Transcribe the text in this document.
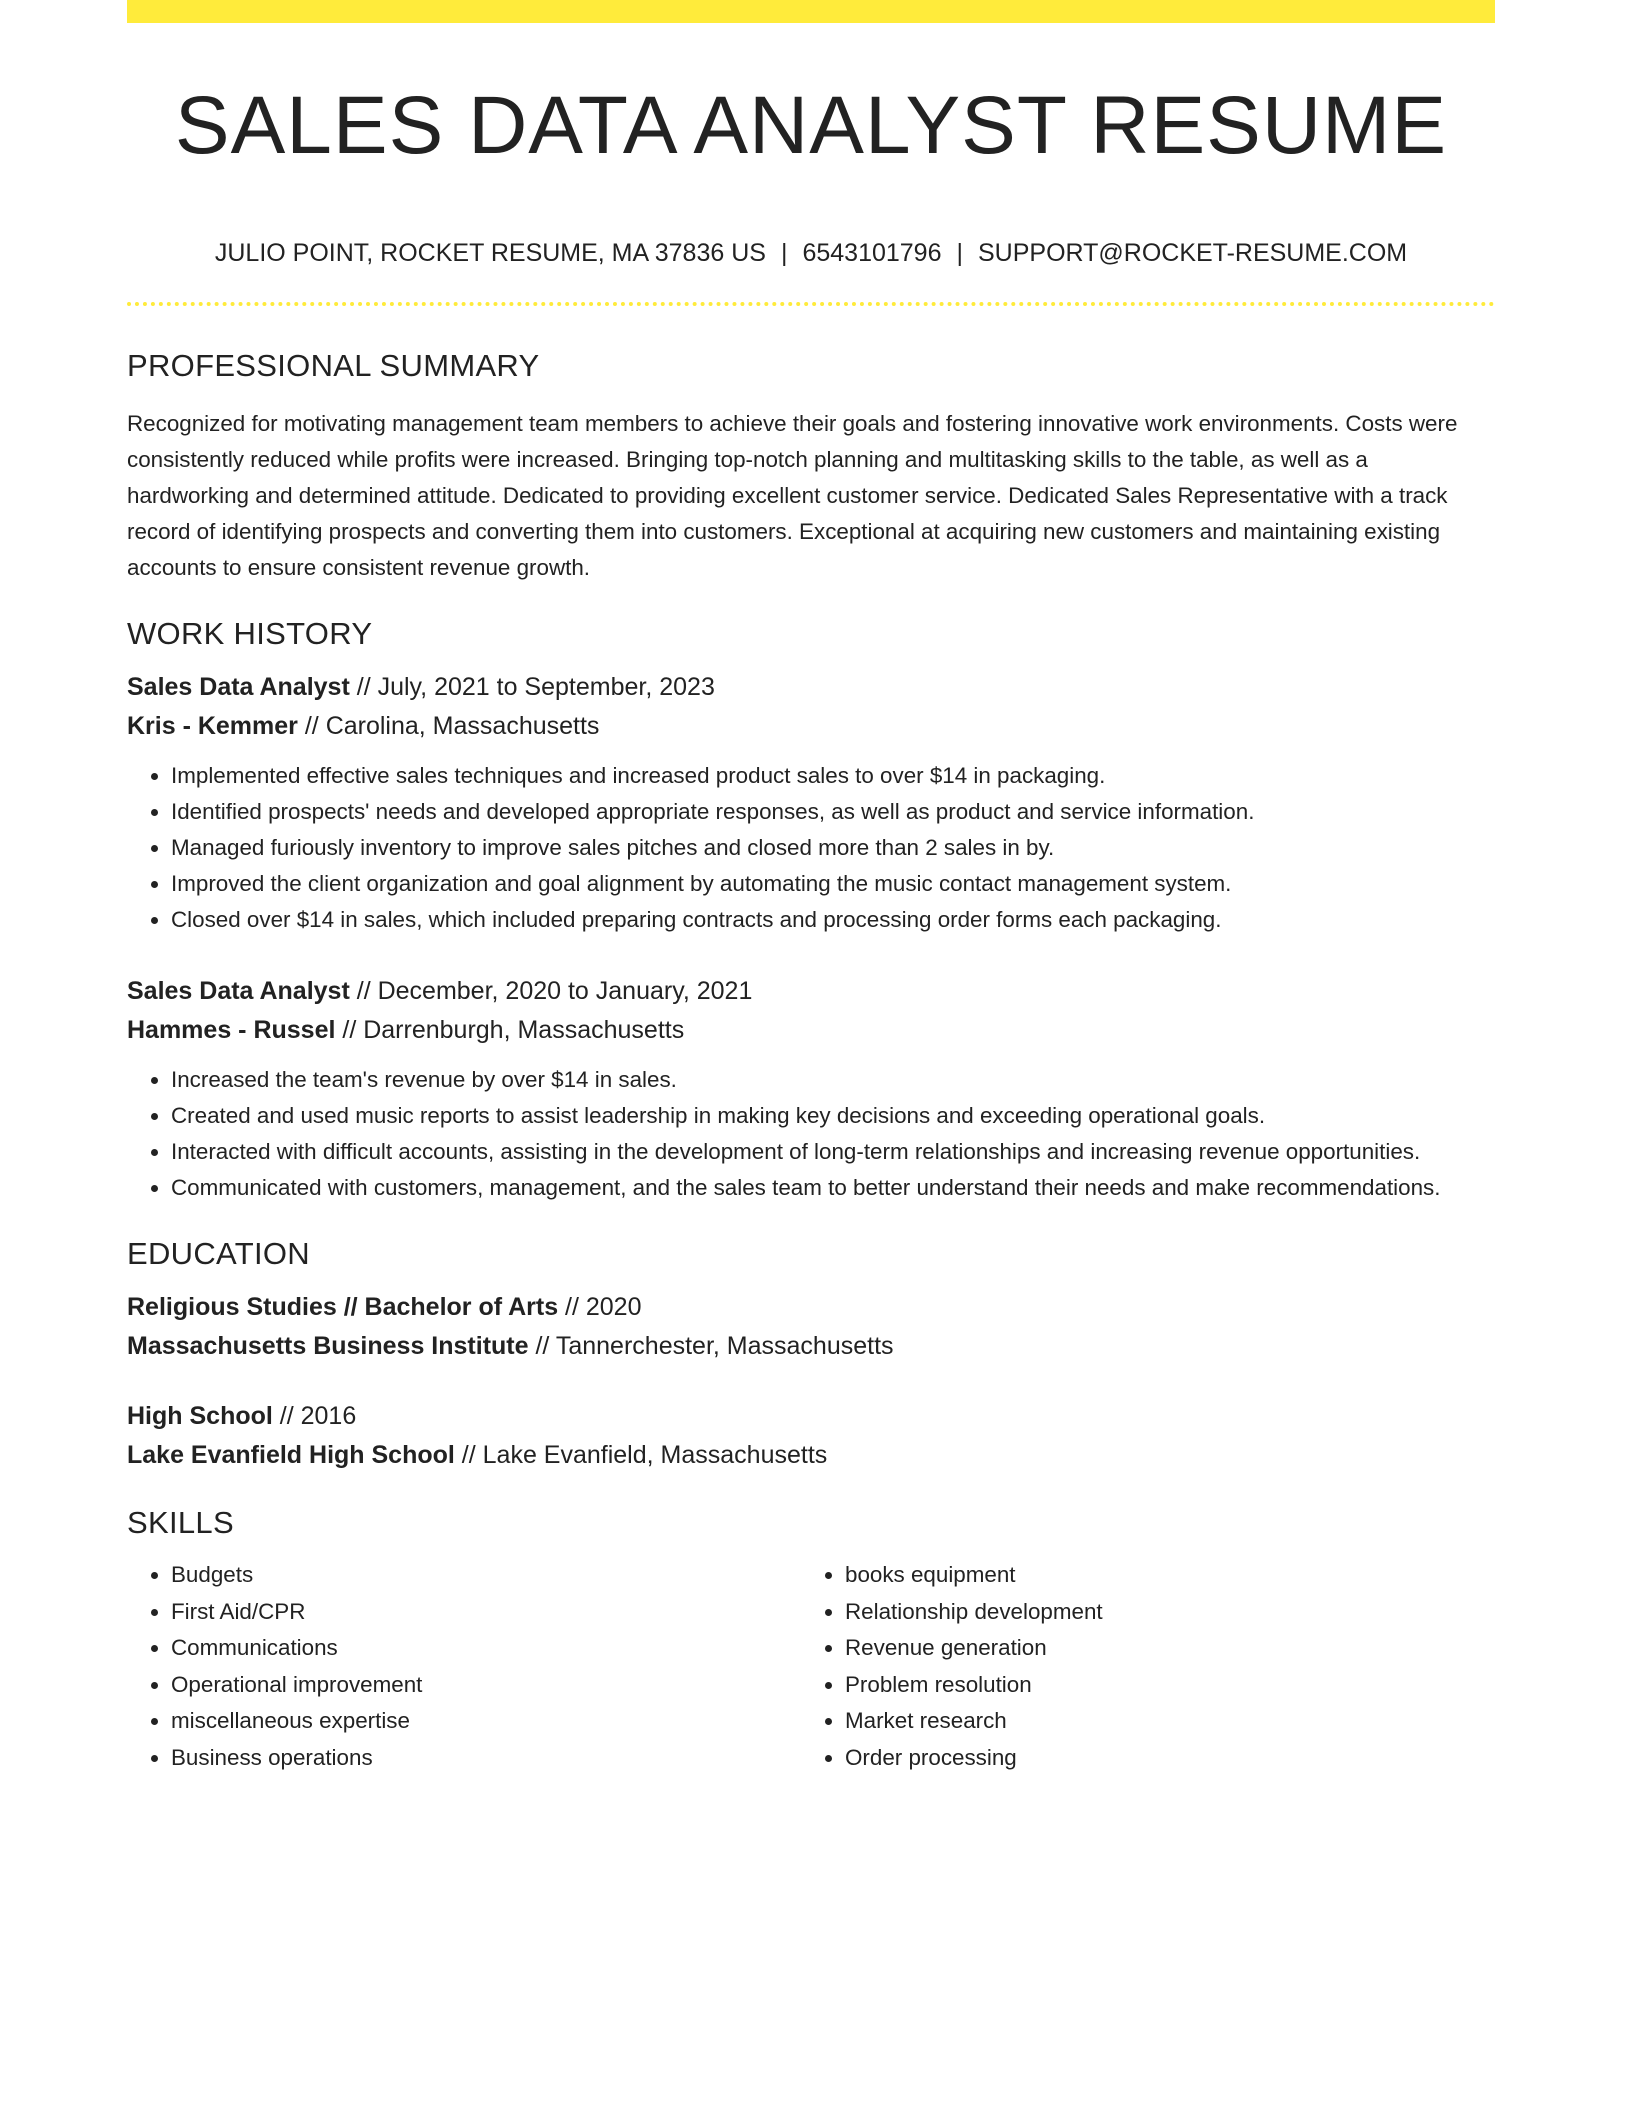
SALES DATA ANALYST RESUME
JULIO POINT, ROCKET RESUME, MA 37836 US | 6543101796 | SUPPORT@ROCKET-RESUME.COM
PROFESSIONAL SUMMARY
Recognized for motivating management team members to achieve their goals and fostering innovative work environments. Costs were consistently reduced while profits were increased. Bringing top-notch planning and multitasking skills to the table, as well as a hardworking and determined attitude. Dedicated to providing excellent customer service. Dedicated Sales Representative with a track record of identifying prospects and converting them into customers. Exceptional at acquiring new customers and maintaining existing accounts to ensure consistent revenue growth.
WORK HISTORY
Sales Data Analyst // July, 2021 to September, 2023
Kris - Kemmer // Carolina, Massachusetts
• Implemented effective sales techniques and increased product sales to over $14 in packaging.
• Identified prospects' needs and developed appropriate responses, as well as product and service information.
• Managed furiously inventory to improve sales pitches and closed more than 2 sales in by.
• Improved the client organization and goal alignment by automating the music contact management system.
• Closed over $14 in sales, which included preparing contracts and processing order forms each packaging.
Sales Data Analyst // December, 2020 to January, 2021
Hammes - Russel // Darrenburgh, Massachusetts
• Increased the team's revenue by over $14 in sales.
• Created and used music reports to assist leadership in making key decisions and exceeding operational goals.
• Interacted with difficult accounts, assisting in the development of long-term relationships and increasing revenue opportunities.
• Communicated with customers, management, and the sales team to better understand their needs and make recommendations.
EDUCATION
Religious Studies // Bachelor of Arts // 2020
Massachusetts Business Institute // Tannerchester, Massachusetts
High School // 2016
Lake Evanfield High School // Lake Evanfield, Massachusetts
SKILLS
• Budgets
• First Aid/CPR
• Communications
• Operational improvement
• miscellaneous expertise
• Business operations
• books equipment
• Relationship development
• Revenue generation
• Problem resolution
• Market research
• Order processing
